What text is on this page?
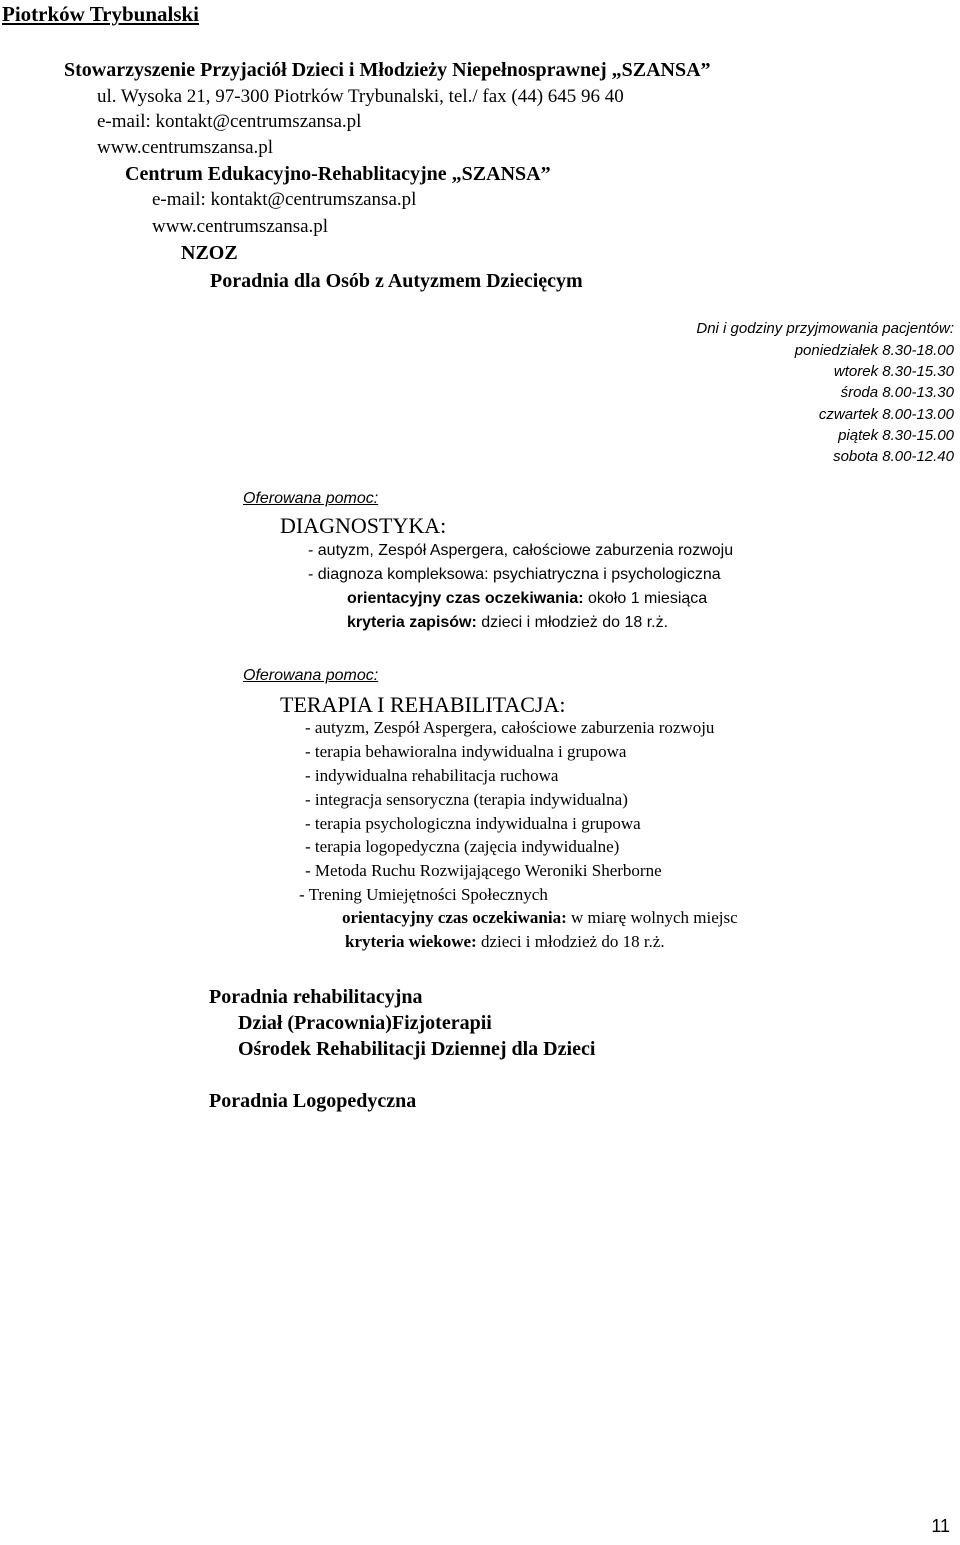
Piotrków Trybunalski
Stowarzyszenie Przyjaciół Dzieci i Młodzieży Niepełnosprawnej „SZANSA”
ul. Wysoka 21, 97-300 Piotrków Trybunalski, tel./ fax (44) 645 96 40
e-mail: kontakt@centrumszansa.pl
www.centrumszansa.pl
Centrum Edukacyjno-Rehablitacyjne „SZANSA”
e-mail: kontakt@centrumszansa.pl
www.centrumszansa.pl
NZOZ
Poradnia dla Osób z Autyzmem Dziecięcym
Dni i godziny przyjmowania pacjentów:
poniedziałek 8.30-18.00
wtorek 8.30-15.30
środa 8.00-13.30
czwartek 8.00-13.00
piątek 8.30-15.00
sobota 8.00-12.40
Oferowana pomoc:
DIAGNOSTYKA:
- autyzm, Zespół Aspergera, całościowe zaburzenia rozwoju
- diagnoza kompleksowa: psychiatryczna i psychologiczna
orientacyjny czas oczekiwania: około 1 miesiąca
kryteria zapisów: dzieci i młodzież do 18 r.ż.
Oferowana pomoc:
TERAPIA I REHABILITACJA:
- autyzm, Zespół Aspergera, całościowe zaburzenia rozwoju
- terapia behawioralna indywidualna i grupowa
- indywidualna rehabilitacja ruchowa
- integracja sensoryczna (terapia indywidualna)
- terapia psychologiczna indywidualna i grupowa
- terapia logopedyczna (zajęcia indywidualne)
- Metoda Ruchu Rozwijającego Weroniki Sherborne
- Trening Umiejętności Społecznych
orientacyjny czas oczekiwania: w miarę wolnych miejsc
kryteria wiekowe: dzieci i młodzież do 18 r.ż.
Poradnia rehabilitacyjna
Dział (Pracownia)Fizjoterapii
Ośrodek Rehabilitacji Dziennej dla Dzieci
Poradnia Logopedyczna
11
